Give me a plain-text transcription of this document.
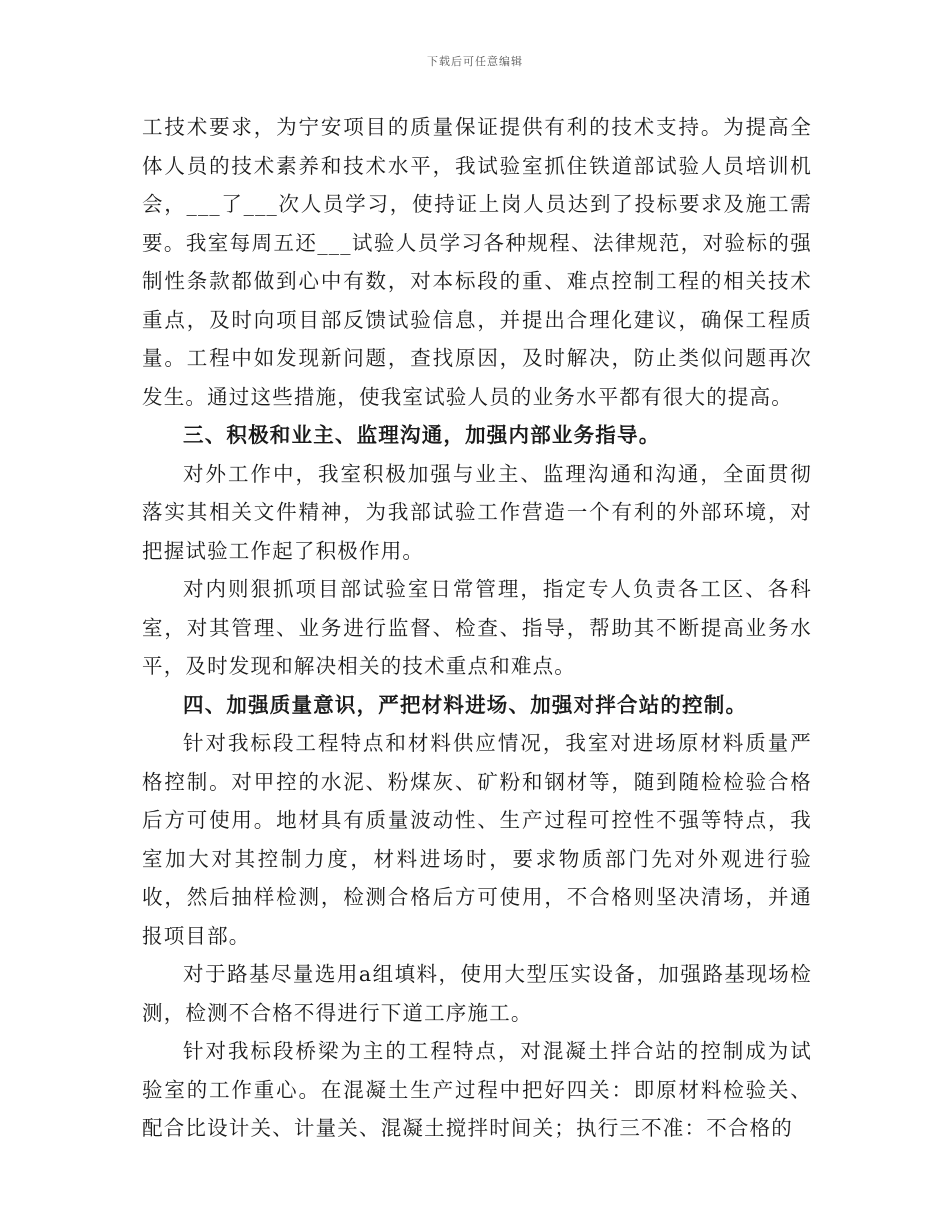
下载后可任意编辑

工技术要求，为宁安项目的质量保证提供有利的技术支持。为提高全体人员的技术素养和技术水平，我试验室抓住铁道部试验人员培训机会，___了___次人员学习，使持证上岗人员达到了投标要求及施工需要。我室每周五还___试验人员学习各种规程、法律规范，对验标的强制性条款都做到心中有数，对本标段的重、难点控制工程的相关技术重点，及时向项目部反馈试验信息，并提出合理化建议，确保工程质量。工程中如发现新问题，查找原因，及时解决，防止类似问题再次发生。通过这些措施，使我室试验人员的业务水平都有很大的提高。

三、积极和业主、监理沟通，加强内部业务指导。

对外工作中，我室积极加强与业主、监理沟通和沟通，全面贯彻落实其相关文件精神，为我部试验工作营造一个有利的外部环境，对把握试验工作起了积极作用。

对内则狠抓项目部试验室日常管理，指定专人负责各工区、各科室，对其管理、业务进行监督、检查、指导，帮助其不断提高业务水平，及时发现和解决相关的技术重点和难点。

四、加强质量意识，严把材料进场、加强对拌合站的控制。

针对我标段工程特点和材料供应情况，我室对进场原材料质量严格控制。对甲控的水泥、粉煤灰、矿粉和钢材等，随到随检检验合格后方可使用。地材具有质量波动性、生产过程可控性不强等特点，我室加大对其控制力度，材料进场时，要求物质部门先对外观进行验收，然后抽样检测，检测合格后方可使用，不合格则坚决清场，并通报项目部。

对于路基尽量选用a组填料，使用大型压实设备，加强路基现场检测，检测不合格不得进行下道工序施工。

针对我标段桥梁为主的工程特点，对混凝土拌合站的控制成为试验室的工作重心。在混凝土生产过程中把好四关：即原材料检验关、配合比设计关、计量关、混凝土搅拌时间关；执行三不准：不合格的
